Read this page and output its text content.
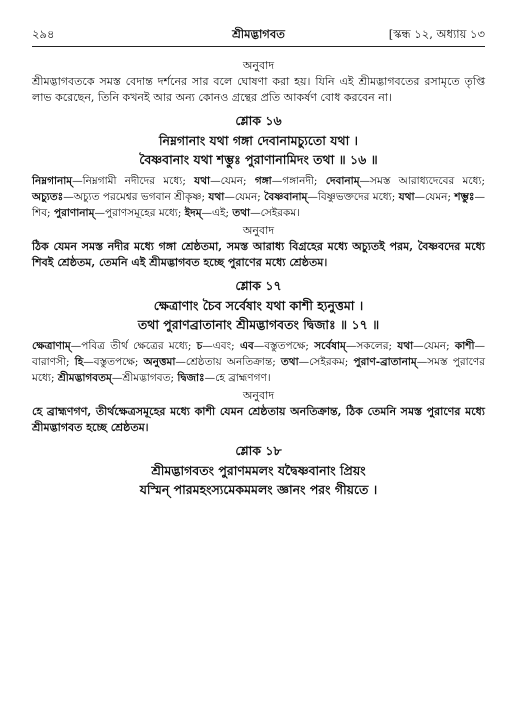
২৯৪	শ্রীমদ্ভাগবত	[স্কন্ধ ১২, অধ্যায় ১৩

অনুবাদ

শ্রীমদ্ভাগবতকে সমস্ত বেদান্ত দর্শনের সার বলে ঘোষণা করা হয়। যিনি এই শ্রীমদ্ভাগবতের রসামৃতে তৃপ্তি লাভ করেছেন, তিনি কখনই আর অন্য কোনও গ্রন্থের প্রতি আকর্ষণ বোধ করবেন না।

শ্লোক ১৬

নিম্নগানাং যথা গঙ্গা দেবানামচ্যুতো যথা ।

বৈষ্ণবানাং যথা শম্ভুঃ পুরাণানামিদং তথা ॥ ১৬ ॥

নিম্নগানাম্—নিম্নগামী নদীদের মধ্যে; যথা—যেমন; গঙ্গা—গঙ্গানদী; দেবানাম্—সমস্ত আরাধ্যদেবের মধ্যে; অচ্যুতঃ—অচ্যুত পরমেশ্বর ভগবান শ্রীকৃষ্ণ; যথা—যেমন; বৈষ্ণবানাম্—বিষ্ণুভক্তদের মধ্যে; যথা—যেমন; শম্ভুঃ—শিব; পুরাণানাম্—পুরাণসমূহের মধ্যে; ইদম্—এই; তথা—সেইরকম।

অনুবাদ

ঠিক যেমন সমস্ত নদীর মধ্যে গঙ্গা শ্রেষ্ঠতমা, সমস্ত আরাধ্য বিগ্রহের মধ্যে অচ্যুতই পরম, বৈষ্ণবদের মধ্যে শিবই শ্রেষ্ঠতম, তেমনি এই শ্রীমদ্ভাগবত হচ্ছে পুরাণের মধ্যে শ্রেষ্ঠতম।

শ্লোক ১৭

ক্ষেত্রাণাং চৈব সর্বেষাং যথা কাশী হ্যনুত্তমা ।

তথা পুরাণব্রাতানাং শ্রীমদ্ভাগবতং দ্বিজাঃ ॥ ১৭ ॥

ক্ষেত্রাণাম্—পবিত্র তীর্থ ক্ষেত্রের মধ্যে; চ—এবং; এব—বস্তুতপক্ষে; সর্বেষাম্—সকলের; যথা—যেমন; কাশী—বারাণসী; হি—বস্তুতপক্ষে; অনুত্তমা—শ্রেষ্ঠতায় অনতিক্রান্ত; তথা—সেইরকম; পুরাণ-ব্রাতানাম্—সমস্ত পুরাণের মধ্যে; শ্রীমদ্ভাগবতম্—শ্রীমদ্ভাগবত; দ্বিজাঃ—হে ব্রাহ্মণগণ।

অনুবাদ

হে ব্রাহ্মণগণ, তীর্থক্ষেত্রসমূহের মধ্যে কাশী যেমন শ্রেষ্ঠতায় অনতিক্রান্ত, ঠিক তেমনি সমস্ত পুরাণের মধ্যে শ্রীমদ্ভাগবত হচ্ছে শ্রেষ্ঠতম।

শ্লোক ১৮

শ্রীমদ্ভাগবতং পুরাণমমলং যদ্বৈষ্ণবানাং প্রিয়ং

যস্মিন্ পারমহংস্যমেকমমলং জ্ঞানং পরং গীয়তে ।
